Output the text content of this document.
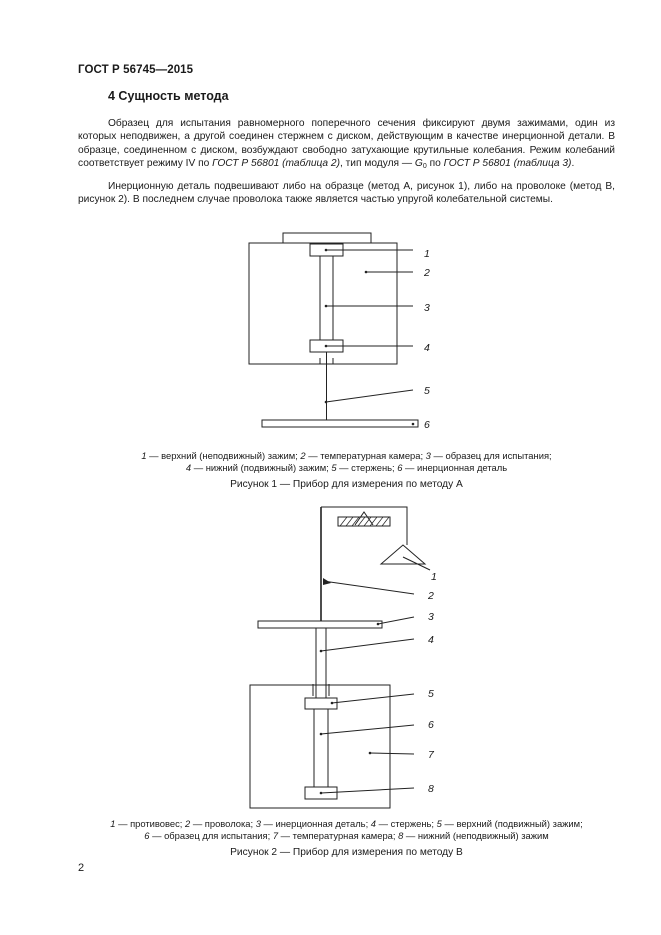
ГОСТ Р 56745—2015
4 Сущность метода

Образец для испытания равномерного поперечного сечения фиксируют двумя зажимами, один из которых неподвижен, а другой соединен стержнем с диском, действующим в качестве инерционной детали. В образце, соединенном с диском, возбуждают свободно затухающие крутильные колебания. Режим колебаний соответствует режиму IV по ГОСТ Р 56801 (таблица 2), тип модуля — G0 по ГОСТ Р 56801 (таблица 3).

Инерционную деталь подвешивают либо на образце (метод А, рисунок 1), либо на проволоке (метод В, рисунок 2). В последнем случае проволока также является частью упругой колебательной системы.

1
2
3
4
5
6
1
2
3
4
5
6
7
8
1 — верхний (неподвижный) зажим; 2 — температурная камера; 3 — образец для испытания;
4 — нижний (подвижный) зажим; 5 — стержень; 6 — инерционная деталь
Рисунок 1 — Прибор для измерения по методу А
1 — противовес; 2 — проволока; 3 — инерционная деталь; 4 — стержень; 5 — верхний (подвижный) зажим;
6 — образец для испытания; 7 — температурная камера; 8 — нижний (неподвижный) зажим
Рисунок 2 — Прибор для измерения по методу В
2
